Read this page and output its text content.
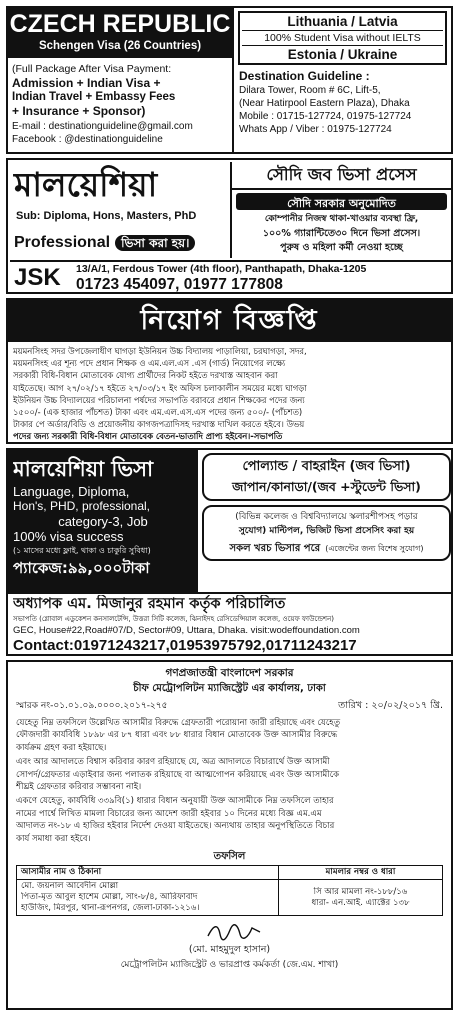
CZECH REPUBLIC
Schengen Visa (26 Countries)
(Full Package After Visa Payment:
Admission + Indian Visa +
Indian Travel + Embassy Fees
+ Insurance + Sponsor)
E-mail : destinationguideline@gmail.com
Facebook : @destinationguideline
Lithuania / Latvia
100% Student Visa without IELTS
Estonia / Ukraine
Destination Guideline :
Dilara Tower, Room # 6C, Lift-5,
(Near Hatirpool Eastern Plaza), Dhaka
Mobile : 01715-127724, 01975-127724
Whats App / Viber : 01975-127724
মালয়েশিয়া
Sub: Diploma, Hons, Masters, PhD
Professional ভিসা করা হয়।
সৌদি জব ভিসা প্রসেস
সৌদি সরকার অনুমোদিত
কোম্পানীর নিজস্ব থাকা-খাওয়ার ব্যবস্থা ফ্রি,
১০০% গ্যারান্টিতে৩০ দিনে ভিসা প্রসেস।
পুরুষ ও মহিলা কর্মী নেওয়া হচ্ছে
JSK 13/A/1, Ferdous Tower (4th floor), Panthapath, Dhaka-1205
01723 454097, 01977 177808
নিয়োগ বিজ্ঞপ্তি
ময়মনসিংহ সদর উপজেলাধীণ ঘাগড়া ইউনিয়ন উচ্চ বিদ্যালয় পাড়ালিয়া, চরঘাগড়া, সদর,
ময়মনসিংহ এর শূন্য পদে প্রধান শিক্ষক ও এম.এল.এস .এস (গার্ড) নিয়োগের লক্ষ্যে
সরকারী বিধি-বিধান মোতাবেক যোগ্য প্রার্থীদের নিকট হইতে দরখাস্ত আহবান করা
যাইতেছে। আগ ২৭/০২/১৭ হইতে ২৭/০৩/১৭ ইং অফিস চলাকালীন সময়ের মধ্যে ঘাগড়া
ইউনিয়ন উচ্চ বিদ্যালয়ের পরিচালনা পর্ষদের সভাপতি বরাবরে প্রধান শিক্ষকের পদের জন্য
১৫০০/- (এক হাজার পাঁচশত) টাকা এবং এম.এল.এস.এস পদের জন্য ৫০০/- (পাঁচশত)
টাকার পে অর্ডার/বিডি ও প্রয়োজনীয় কাগজপত্রাদিসহ দরখাস্ত দাখিল করতে হইবে। উভয়
পদের জন্য সরকারী বিধি-বিধান মোতাবেক বেতন-ভাতাদি প্রাপ্য হইবেন।-সভাপতি
মালয়েশিয়া ভিসা
Language, Diploma,
Hon's, PHD, professional,
category-3, Job
100% visa success
(১ মাসের মধ্যে ফ্লাই, থাকা ও চাকুরি সুবিধা)
প্যাকেজ:৯৯,০০০টাকা
পোল্যান্ড / বাহরাইন (জব ভিসা)
জাপান/কানাডা/(জব +স্টুডেন্ট ভিসা)
(বিভিন্ন কলেজ ও বিশ্ববিদ্যালয়ে স্কলারশীপসহ পড়ার
সুযোগ) মাল্টিপল, ভিজিট ভিসা প্রসেসিং করা হয়
সকল খরচ ভিসার পরে (এজেন্টের জন্য বিশেষ সুযোগ)
অধ্যাপক এম. মিজানুর রহমান কর্তৃক পরিচালিত
সভাপতি (গ্লোবাল এডুকেশন কনসালটেন্সি, উত্তরা সিটি কলেজ, ঝিনাইদহ রেসিডেন্সিয়াল কলেজ, ওয়েফ ফাউন্ডেশন)
GEC, House#22,Road#07/D, Sector#09, Uttara, Dhaka. visit:wodeffoundation.com
Contact:01971243217,01953975792,01711243217
গণপ্রজাতন্ত্রী বাংলাদেশ সরকার
চীফ মেট্রোপলিটন ম্যাজিস্ট্রেট এর কার্যালয়, ঢাকা
স্মারক নং-০১.০১.০৯.০০০০.২০১৭-২৭৫	তারিখ : ২০/০২/২০১৭ খ্রি.
যেহেতু নিম্ন তফসিলে উল্লেখিত আসামীর বিরুদ্ধে গ্রেফতারী পরোয়ানা জারী রহিয়াছে এবং যেহেতু
ফৌজদারী কার্যবিধি ১৮৯৮ এর ৮৭ ধারা এবং ৮৮ ধারার বিধান মোতাবেক উক্ত আসামীর বিরুদ্ধে
কার্যক্রম গ্রহণ করা হইয়াছে।
এবং আর আদালতে বিশ্বাস করিবার কারণ রহিয়াছে যে, অত্র আদালতে বিচারার্থে উক্ত আসামী
সোপর্দ/গ্রেফতার এড়াইবার জন্য পলাতক রহিয়াছে বা আত্মগোপন করিয়াছে এবং উক্ত আসামীকে
শীঘ্রই গ্রেফতার করিবার সম্ভাবনা নাই।
একণে যেহেতু, কার্যবিধি ৩৩৯বি(১) ধারার বিধান অনুযায়ী উক্ত আসামীকে নিম্ন তফসিলে তাহার
নামের পার্শ্বে লিখিত মামলা বিচারের জন্য আদেশ জারী হইবার ১০ দিনের মধ্যে বিজ্ঞ এম.এম
আদালত নং-১৮ এ হাজির হইবার নির্দেশ দেওয়া যাইতেছে। অন্যথায় তাহার অনুপস্থিতিতে বিচার
কার্য সমাধা করা হইবে।
তফসিল
আসামীর নাম ও ঠিকানা	মামলার নম্বর ও ধারা

মো. জয়নাল আবেদীন মোল্লা
পিতা-মৃত আবুল হাশেম মোল্লা, সাং-৮/৪, আরিফাবাদ
হাউজিং, মিরপুর, থানা-রূপনগর, জেলা-ঢাকা-১২১৬।	সি আর মামলা নং-১৮৮/১৬
ধারা- এন.আই. এ্যাক্টের ১৩৮
(মো. মাহমুদুল হাসান)
মেট্রোপলিটন ম্যাজিস্ট্রেট ও ভারপ্রাপ্ত কর্মকর্তা (জে.এম. শাখা)
